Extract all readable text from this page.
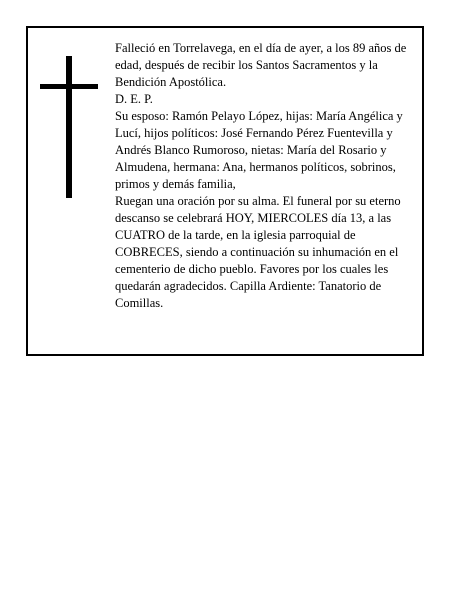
Falleció en Torrelavega, en el día de ayer, a los 89 años de edad, después de recibir los Santos Sacramentos y la Bendición Apostólica.

D. E. P.

Su esposo: Ramón Pelayo López, hijas: María Angélica y Lucí, hijos políticos: José Fernando Pérez Fuentevilla y Andrés Blanco Rumoroso, nietas: María del Rosario y Almudena, hermana: Ana, hermanos políticos, sobrinos, primos y demás familia,

Ruegan una oración por su alma. El funeral por su eterno descanso se celebrará HOY, MIERCOLES día 13, a las CUATRO de la tarde, en la iglesia parroquial de COBRECES, siendo a continuación su inhumación en el cementerio de dicho pueblo. Favores por los cuales les quedarán agradecidos. Capilla Ardiente: Tanatorio de Comillas.
